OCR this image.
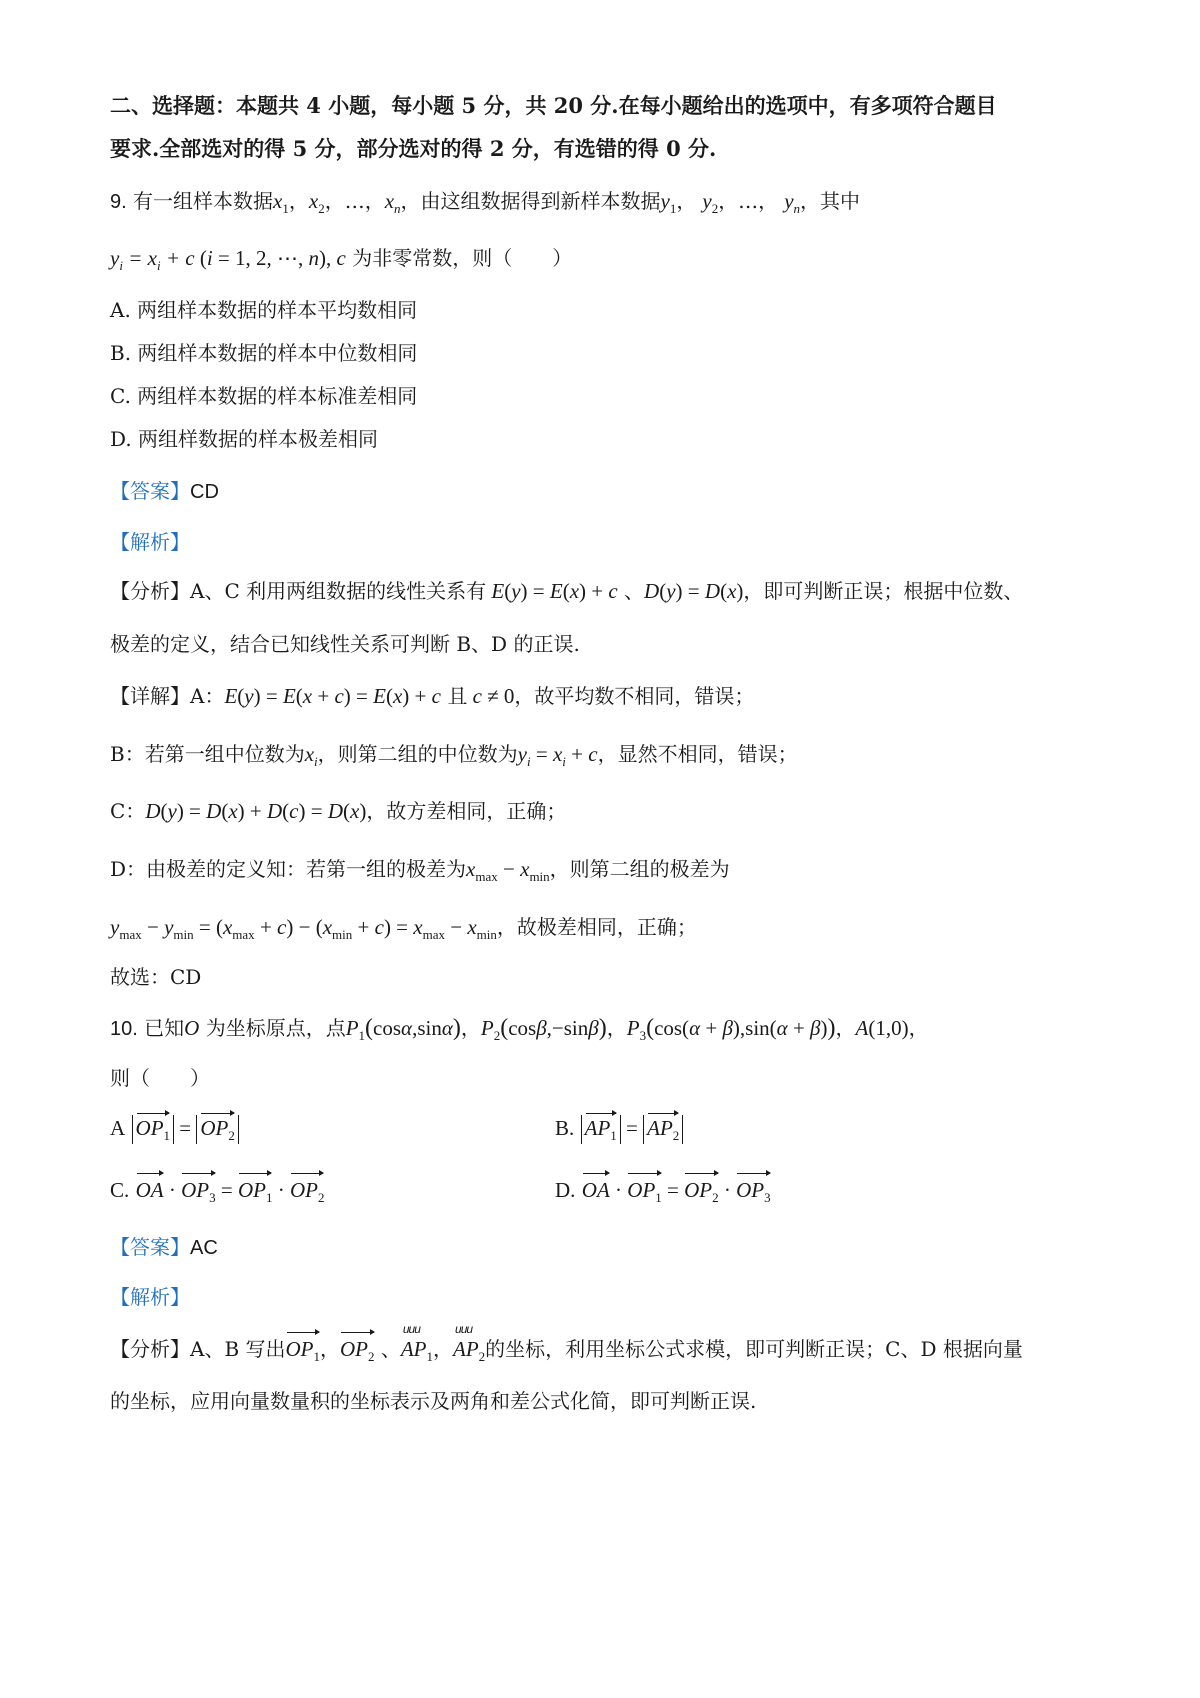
二、选择题：本题共 4 小题，每小题 5 分，共 20 分.在每小题给出的选项中，有多项符合题目
要求.全部选对的得 5 分，部分选对的得 2 分，有选错的得 0 分.
9. 有一组样本数据$x_1$，$x_2$，…，$x_n$，由这组数据得到新样本数据$y_1$， $y_2$，…， $y_n$，其中
$y_i = x_i + c$ (i = 1, 2, ⋯, n), c 为非零常数，则（　　）
A. 两组样本数据的样本平均数相同
B. 两组样本数据的样本中位数相同
C. 两组样本数据的样本标准差相同
D. 两组样数据的样本极差相同
【答案】CD
【解析】
【分析】A、C 利用两组数据的线性关系有 E(y) = E(x) + c 、D(y) = D(x)，即可判断正误；根据中位数、
极差的定义，结合已知线性关系可判断 B、D 的正误.
【详解】A：E(y) = E(x + c) = E(x) + c 且 c ≠ 0，故平均数不相同，错误；
B：若第一组中位数为$x_i$，则第二组的中位数为$y_i = x_i + c$，显然不相同，错误；
C：D(y) = D(x) + D(c) = D(x)，故方差相同，正确；
D：由极差的定义知：若第一组的极差为$x_{max} - x_{min}$，则第二组的极差为
$y_{max} - y_{min} = (x_{max} + c) - (x_{min} + c) = x_{max} - x_{min}$，故极差相同，正确；
故选：CD
10. 已知O 为坐标原点，点$P_1(\cos\alpha,\sin\alpha)$，$P_2(\cos\beta,-\sin\beta)$，$P_3(\cos(\alpha + \beta),\sin(\alpha + \beta))$，A(1,0)，
则（　　）
A $OP_1 = OP_2$	B. $AP_1 = AP_2$
C. OA · $OP_3 = OP_1 \cdot OP_2$	D. OA · $OP_1 = OP_2 \cdot OP_3$
【答案】AC
【解析】
【分析】A、B 写出$OP_1$，$OP_2$ 、
uuu
$AP_1$，
uuu
$AP_2$的坐标，利用坐标公式求模，即可判断正误；C、D 根据向量
的坐标，应用向量数量积的坐标表示及两角和差公式化简，即可判断正误.
